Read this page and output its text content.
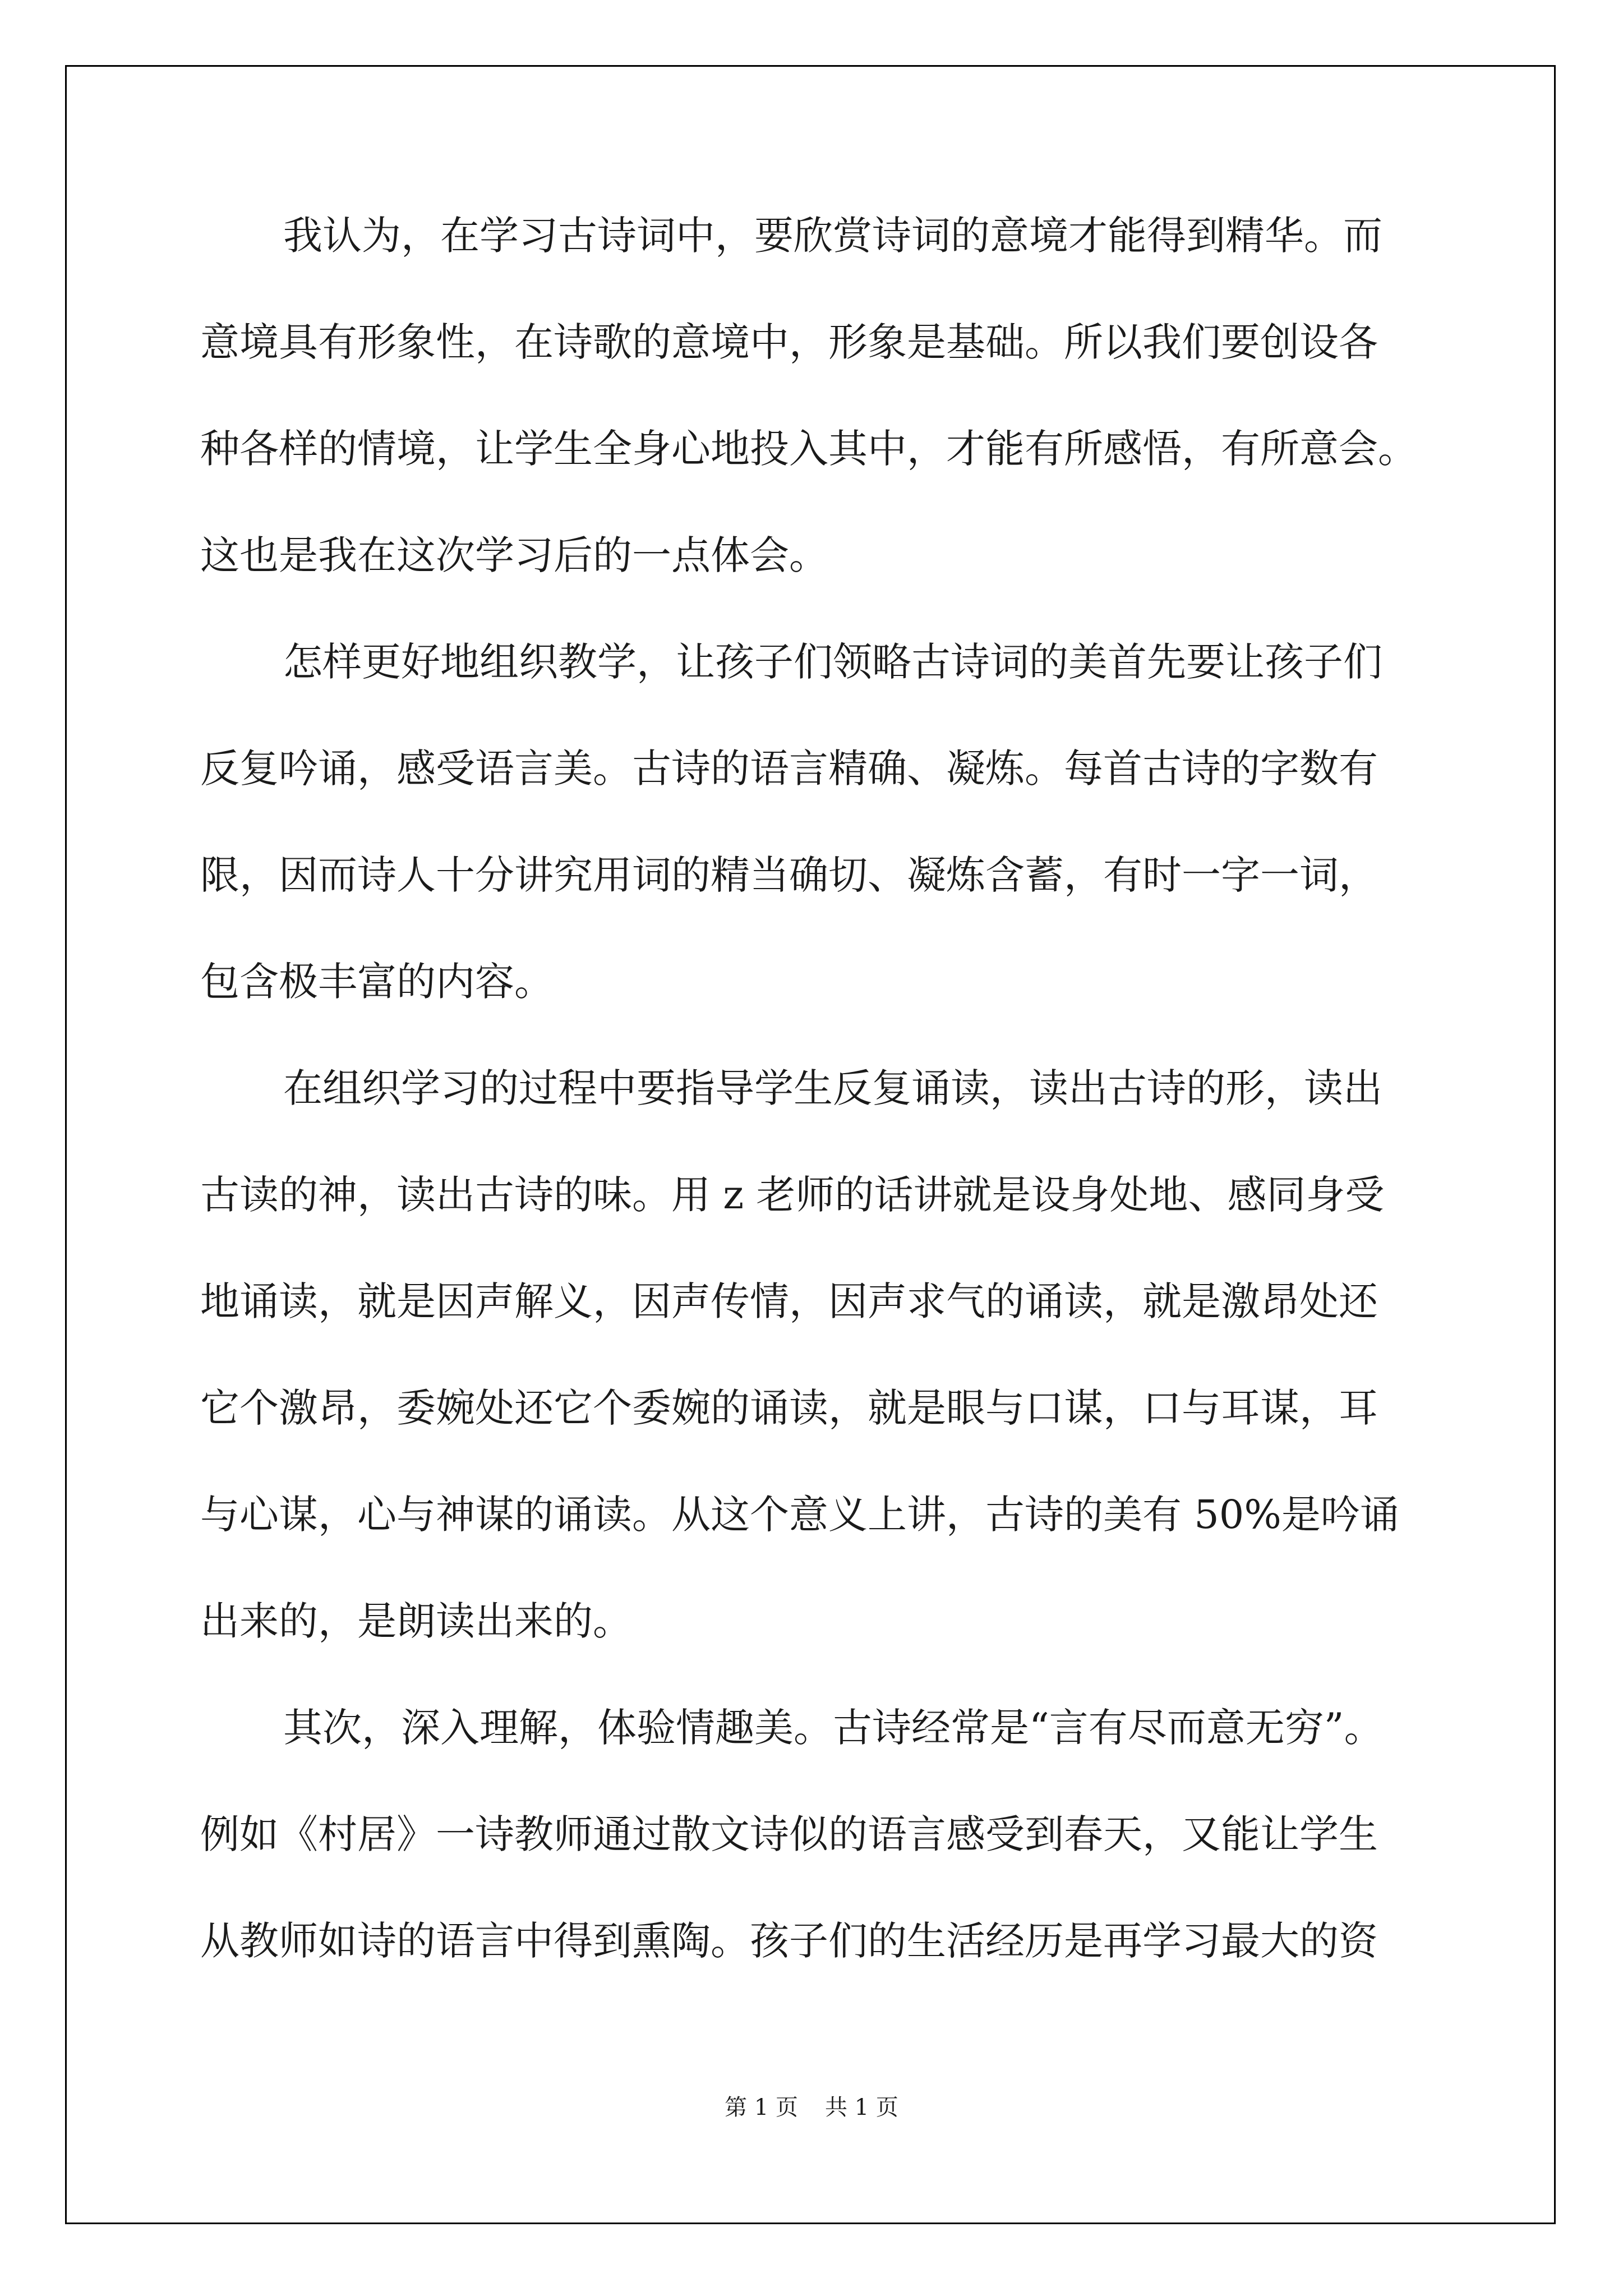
我认为，在学习古诗词中，要欣赏诗词的意境才能得到精华。而
意境具有形象性，在诗歌的意境中，形象是基础。所以我们要创设各
种各样的情境，让学生全身心地投入其中，才能有所感悟，有所意会。
这也是我在这次学习后的一点体会。
怎样更好地组织教学，让孩子们领略古诗词的美首先要让孩子们
反复吟诵，感受语言美。古诗的语言精确、凝炼。每首古诗的字数有
限，因而诗人十分讲究用词的精当确切、凝炼含蓄，有时一字一词，
包含极丰富的内容。
在组织学习的过程中要指导学生反复诵读，读出古诗的形，读出
古读的神，读出古诗的味。用 z 老师的话讲就是设身处地、感同身受
地诵读，就是因声解义，因声传情，因声求气的诵读，就是激昂处还
它个激昂，委婉处还它个委婉的诵读，就是眼与口谋，口与耳谋，耳
与心谋，心与神谋的诵读。从这个意义上讲，古诗的美有 50%是吟诵
出来的，是朗读出来的。
其次，深入理解，体验情趣美。古诗经常是“言有尽而意无穷”。
例如《村居》一诗教师通过散文诗似的语言感受到春天，又能让学生
从教师如诗的语言中得到熏陶。孩子们的生活经历是再学习最大的资
第 1 页 共 1 页
